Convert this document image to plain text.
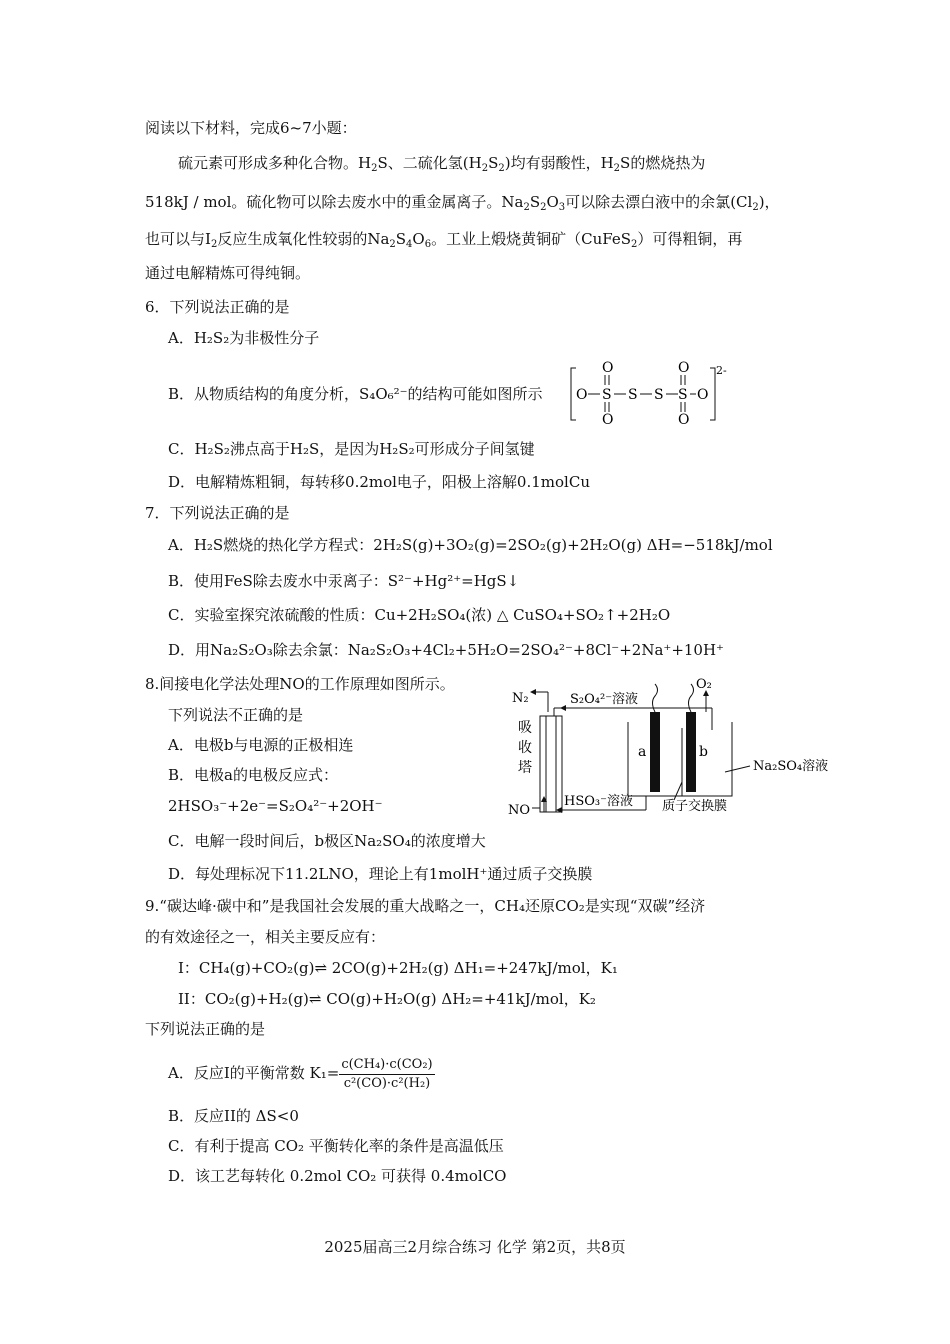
阅读以下材料，完成6~7小题：
硫元素可形成多种化合物。$H_2S$、二硫化氢$(H_2S_2)$均有弱酸性，$H_2S$的燃烧热为
518kJ / mol。硫化物可以除去废水中的重金属离子。$Na_2S_2O_3$可以除去漂白液中的余氯$(Cl_2)$，
也可以与$I_2$反应生成氧化性较弱的$Na_2S_4O_6$。工业上煅烧黄铜矿（CuFeS$_2$）可得粗铜，再
通过电解精炼可得纯铜。
6．下列说法正确的是
A．H₂S₂为非极性分子
B．从物质结构的角度分析，S₄O₆²⁻的结构可能如图所示
2-
O S
O
O
S S S
O
O
O
C．H₂S₂沸点高于H₂S，是因为H₂S₂可形成分子间氢键
D．电解精炼粗铜，每转移0.2mol电子，阳极上溶解0.1molCu
7．下列说法正确的是
A．H₂S燃烧的热化学方程式：2H₂S(g)+3O₂(g)=2SO₂(g)+2H₂O(g) ΔH=−518kJ/mol
B．使用FeS除去废水中汞离子：S²⁻+Hg²⁺=HgS↓
C．实验室探究浓硫酸的性质：Cu+2H₂SO₄(浓) △ CuSO₄+SO₂↑+2H₂O
D．用Na₂S₂O₃除去余氯：Na₂S₂O₃+4Cl₂+5H₂O=2SO₄²⁻+8Cl⁻+2Na⁺+10H⁺
8.间接电化学法处理NO的工作原理如图所示。
下列说法不正确的是
A．电极b与电源的正极相连
B．电极a的电极反应式：
2HSO₃⁻+2e⁻=S₂O₄²⁻+2OH⁻
C．电解一段时间后，b极区Na₂SO₄的浓度增大
D．每处理标况下11.2LNO，理论上有1molH⁺通过质子交换膜
N₂
吸
收
塔
S₂O₄²⁻溶液
NO
HSO₃⁻溶液
O₂
a	b
Na₂SO₄溶液
质子交换膜
9.“碳达峰·碳中和”是我国社会发展的重大战略之一，CH₄还原CO₂是实现“双碳”经济
的有效途径之一，相关主要反应有：
I：CH₄(g)+CO₂(g)⇌ 2CO(g)+2H₂(g) ΔH₁=+247kJ/mol，K₁
II：CO₂(g)+H₂(g)⇌ CO(g)+H₂O(g) ΔH₂=+41kJ/mol，K₂
下列说法正确的是
A．反应I的平衡常数 $K_1= \frac{\text{c(CH₄)·c(CO₂)}}{\text{c²(CO)·c²(H₂)}}$
B．反应II的 ΔS<0
C．有利于提高 CO₂ 平衡转化率的条件是高温低压
D．该工艺每转化 0.2mol CO₂ 可获得 0.4molCO
2025届高三2月综合练习 化学 第2页，共8页
